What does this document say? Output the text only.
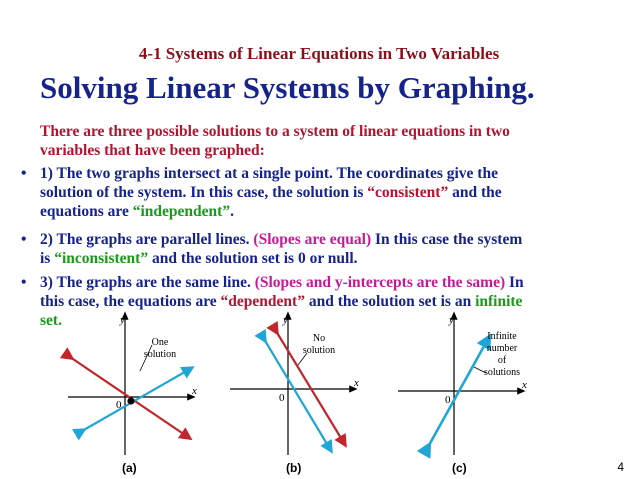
4-1 Systems of Linear Equations in Two Variables
Solving Linear Systems by Graphing.
There are three possible solutions to a system of linear equations in two
variables that have been graphed:
• 1) The two graphs intersect at a single point. The coordinates give the
solution of the system. In this case, the solution is “consistent” and the
equations are “independent”.
• 2) The graphs are parallel lines. (Slopes are equal) In this case the system
is “inconsistent” and the solution set is 0 or null.
• 3) The graphs are the same line. (Slopes and y-intercepts are the same) In
this case, the equations are “dependent” and the solution set is an infinite
set.	y
x
0
One
solution
(a)
y
x
0
No
solution
(b)
y
x
0
Infinite
number
of
solutions
(c)	4
